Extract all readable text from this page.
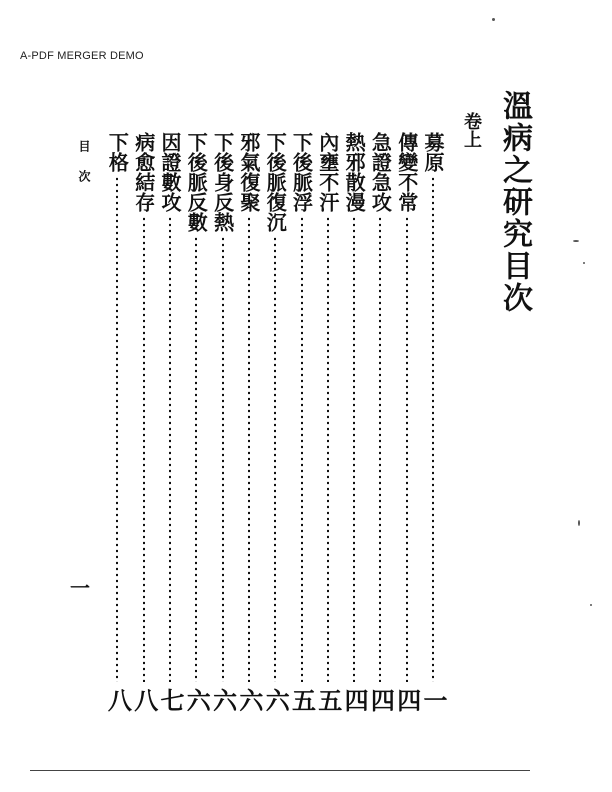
A-PDF MERGER DEMO
溫病之研究目次
卷上
募原
一
傳變不常
四
急證急攻
四
熱邪散漫
四
內壅不汗
五
下後脈浮
五
下後脈復沉
六
邪氣復聚
六
下後身反熱
六
下後脈反數
六
因證數攻
七
病愈結存
八
下格
八
目次
一
